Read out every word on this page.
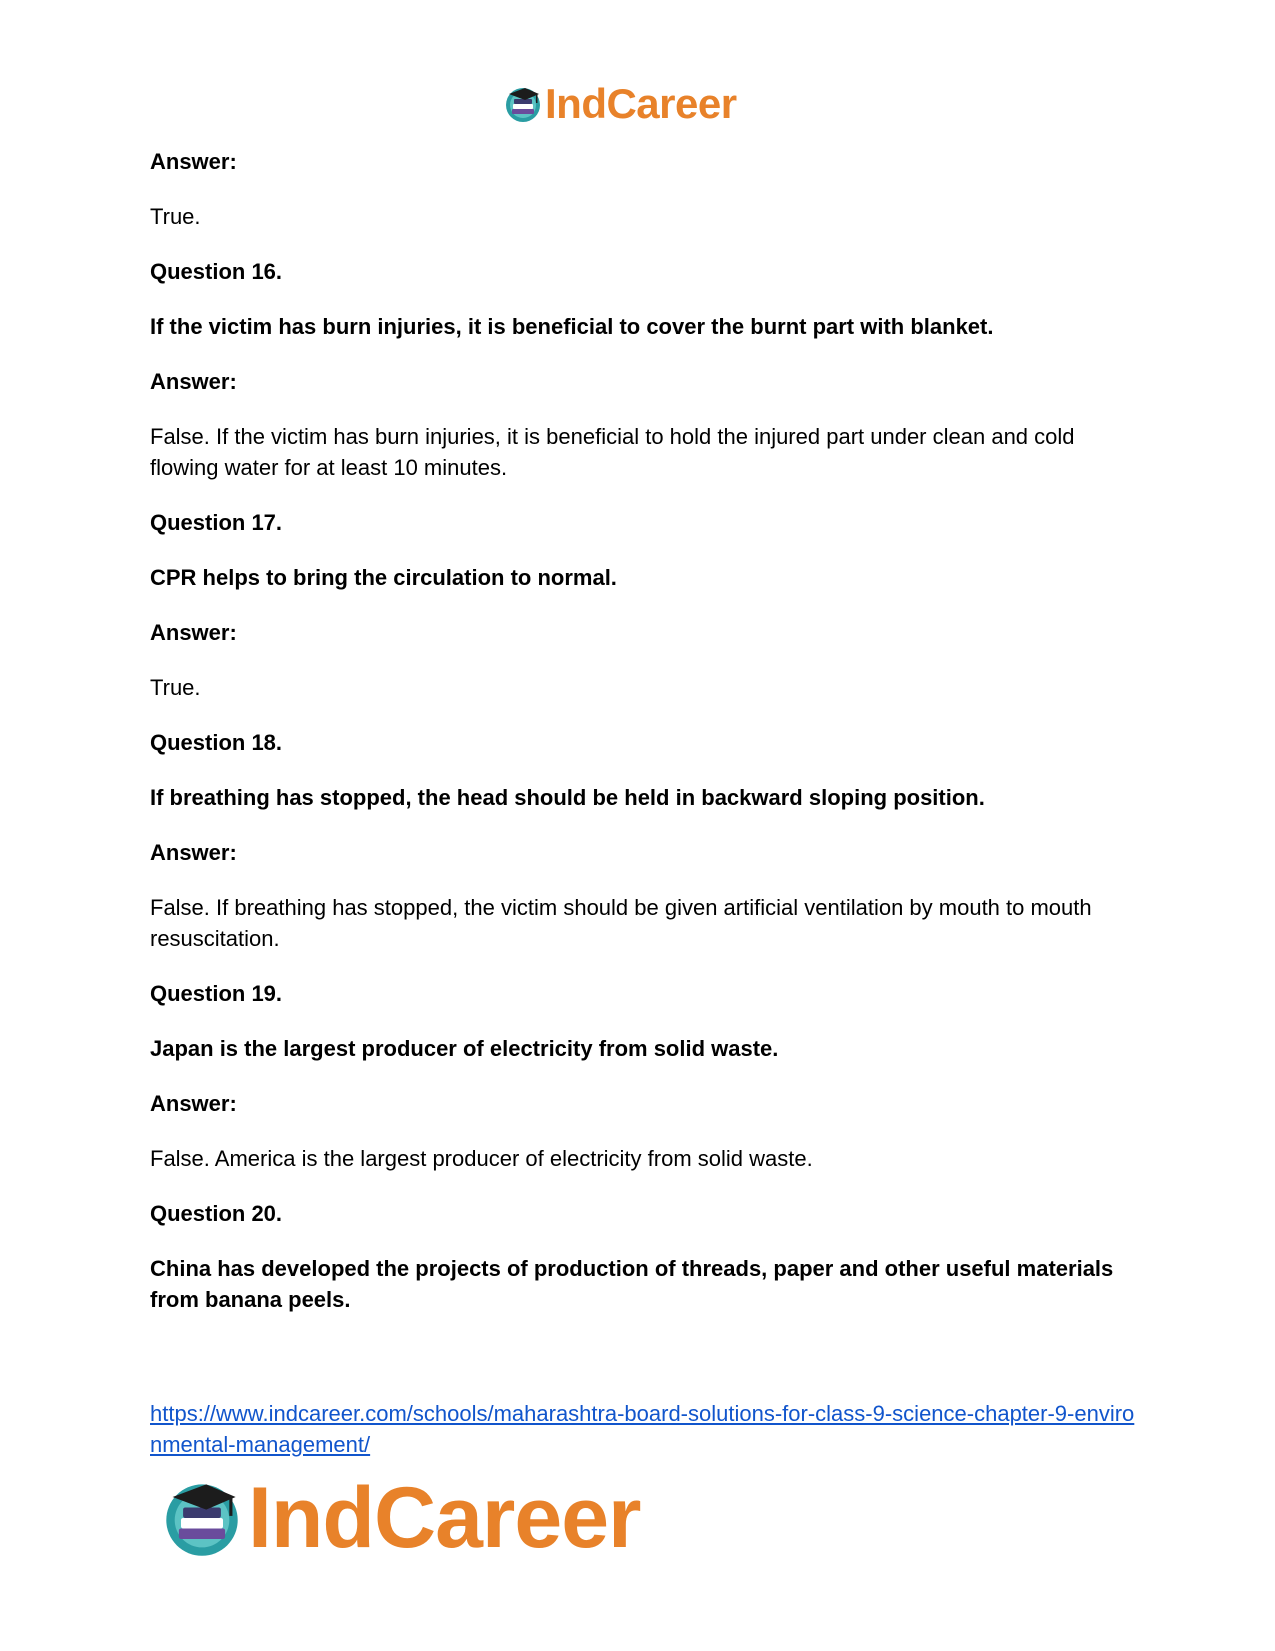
IndCareer

Answer:

True.

Question 16.

If the victim has burn injuries, it is beneficial to cover the burnt part with blanket.

Answer:

False. If the victim has burn injuries, it is beneficial to hold the injured part under clean and cold flowing water for at least 10 minutes.

Question 17.

CPR helps to bring the circulation to normal.

Answer:

True.

Question 18.

If breathing has stopped, the head should be held in backward sloping position.

Answer:

False. If breathing has stopped, the victim should be given artificial ventilation by mouth to mouth resuscitation.

Question 19.

Japan is the largest producer of electricity from solid waste.

Answer:

False. America is the largest producer of electricity from solid waste.

Question 20.

China has developed the projects of production of threads, paper and other useful materials from banana peels.

https://www.indcareer.com/schools/maharashtra-board-solutions-for-class-9-science-chapter-9-environmental-management/
IndCareer
